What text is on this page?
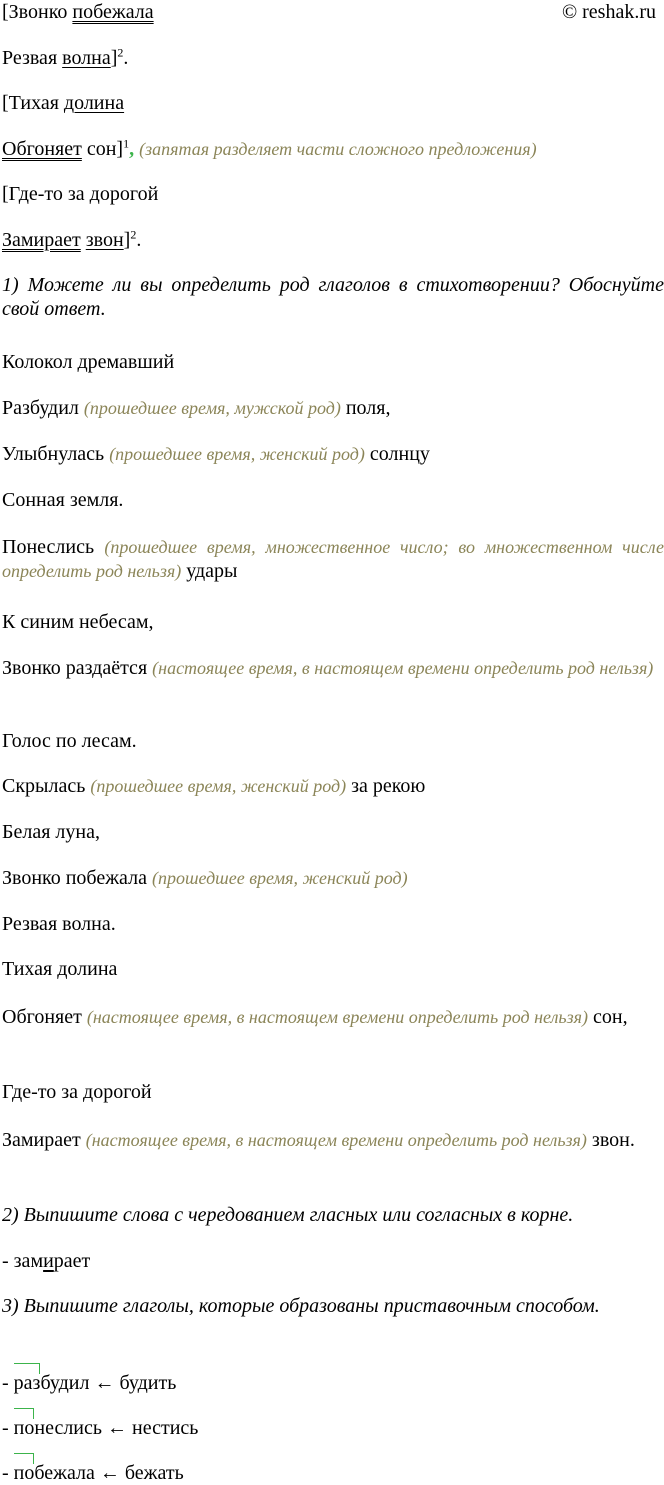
© reshak.ru
[Звонко побежала
Резвая волна]$^2$.
[Тихая долина
Обгоняет сон]$^1$, (запятая разделяет части сложного предложения)
[Где-то за дорогой
Замирает звон]$^2$.
1) Можете ли вы определить род глаголов в стихотворении? Обоснуйте свой ответ.
Колокол дремавший
Разбудил (прошедшее время, мужской род) поля,
Улыбнулась (прошедшее время, женский род) солнцу
Сонная земля.
Понеслись (прошедшее время, множественное число; во множественном числе определить род нельзя) удары
К синим небесам,
Звонко раздаётся (настоящее время, в настоящем времени определить род нельзя)
Голос по лесам.
Скрылась (прошедшее время, женский род) за рекою
Белая луна,
Звонко побежала (прошедшее время, женский род)
Резвая волна.
Тихая долина
Обгоняет (настоящее время, в настоящем времени определить род нельзя) сон,
Где-то за дорогой
Замирает (настоящее время, в настоящем времени определить род нельзя) звон.
2) Выпишите слова с чередованием гласных или согласных в корне.
- замирает
3) Выпишите глаголы, которые образованы приставочным способом.
- разбудил ← будить
- понеслись ← нестись
- побежала ← бежать
